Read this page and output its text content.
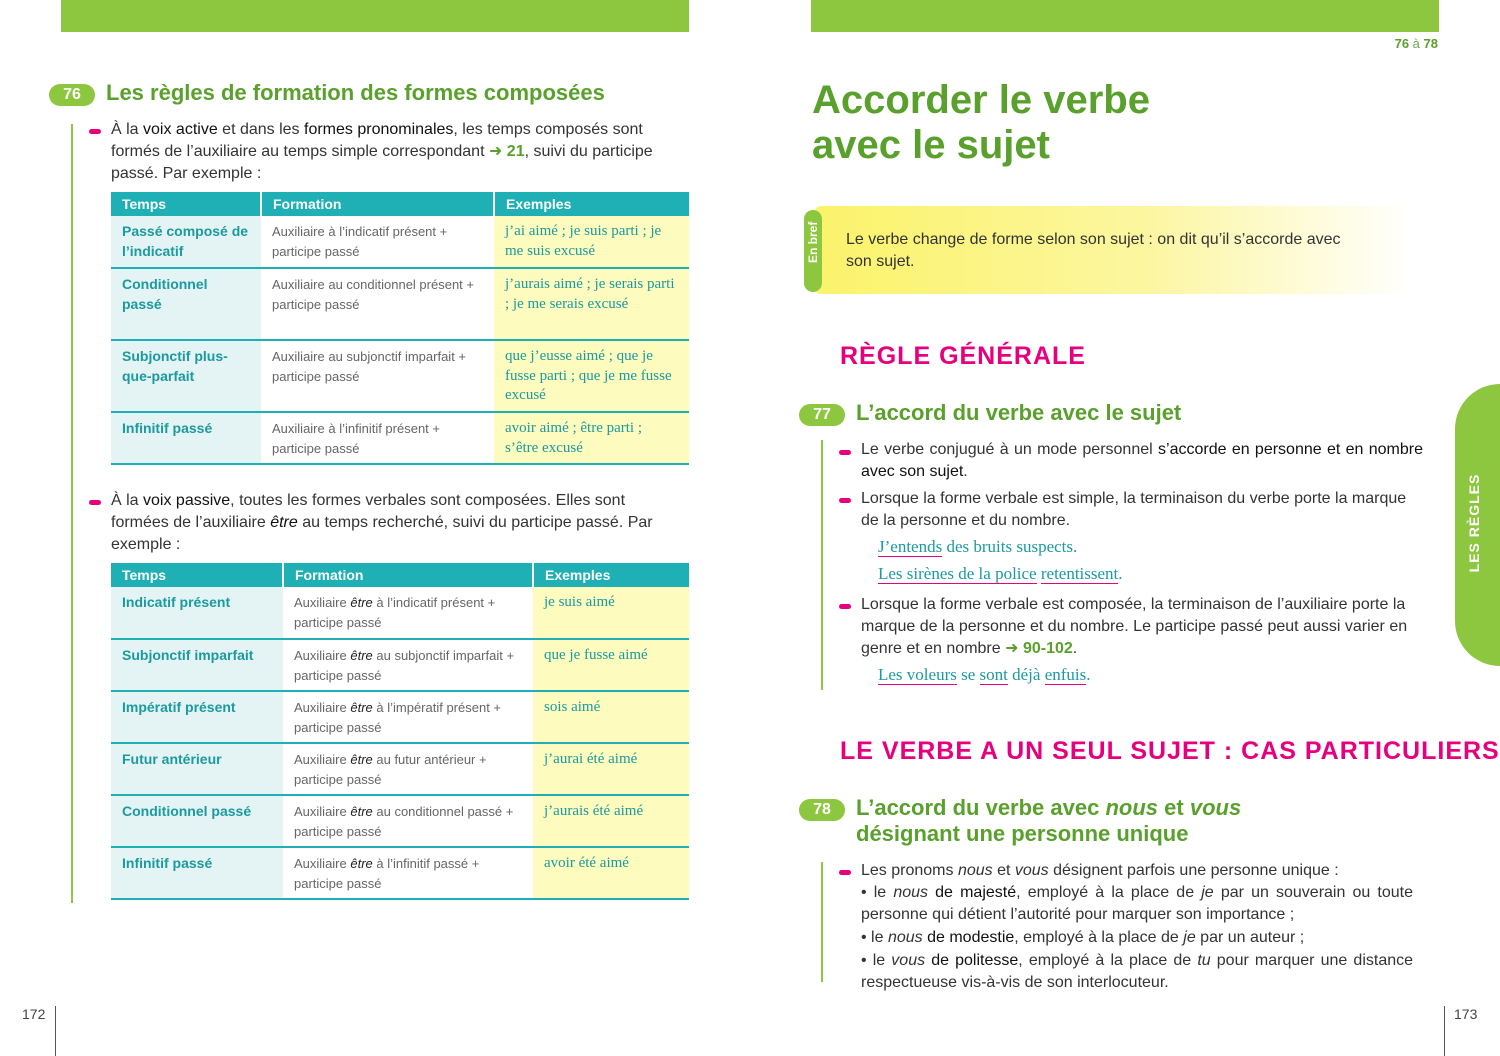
76	Les règles de formation des formes composées
À la voix active et dans les formes pronominales, les temps composés sont formés de l’auxiliaire au temps simple correspondant ➜ 21, suivi du participe passé. Par exemple :
Temps	Formation	Exemples
Passé composé de l’indicatif	Auxiliaire à l’indicatif présent + participe passé	j’ai aimé ; je suis parti ; je me suis excusé
Conditionnel passé	Auxiliaire au conditionnel présent + participe passé	j’aurais aimé ; je serais parti ; je me serais excusé
Subjonctif plus-que-parfait	Auxiliaire au subjonctif imparfait + participe passé	que j’eusse aimé ; que je fusse parti ; que je me fusse excusé
Infinitif passé	Auxiliaire à l’infinitif présent + participe passé	avoir aimé ; être parti ; s’être excusé
À la voix passive, toutes les formes verbales sont composées. Elles sont formées de l’auxiliaire être au temps recherché, suivi du participe passé. Par exemple :
Temps	Formation	Exemples
Indicatif présent	Auxiliaire être à l’indicatif présent + participe passé	je suis aimé
Subjonctif imparfait	Auxiliaire être au subjonctif imparfait + participe passé	que je fusse aimé
Impératif présent	Auxiliaire être à l’impératif présent + participe passé	sois aimé
Futur antérieur	Auxiliaire être au futur antérieur + participe passé	j’aurai été aimé
Conditionnel passé	Auxiliaire être au conditionnel passé + participe passé	j’aurais été aimé
Infinitif passé	Auxiliaire être à l’infinitif passé + participe passé	avoir été aimé
172
76 à 78
Accorder le verbe
avec le sujet
En bref Le verbe change de forme selon son sujet : on dit qu’il s’accorde avec son sujet.
RÈGLE GÉNÉRALE
77	L’accord du verbe avec le sujet
Le verbe conjugué à un mode personnel s’accorde en personne et en nombre avec son sujet.
Lorsque la forme verbale est simple, la terminaison du verbe porte la marque de la personne et du nombre.
J’entends des bruits suspects.
Les sirènes de la police retentissent.
Lorsque la forme verbale est composée, la terminaison de l’auxiliaire porte la marque de la personne et du nombre. Le participe passé peut aussi varier en genre et en nombre ➜ 90-102.
Les voleurs se sont déjà enfuis.
LE VERBE A UN SEUL SUJET : CAS PARTICULIERS
78	L’accord du verbe avec nous et vous
désignant une personne unique
Les pronoms nous et vous désignent parfois une personne unique :
• le nous de majesté, employé à la place de je par un souverain ou toute personne qui détient l’autorité pour marquer son importance ;
• le nous de modestie, employé à la place de je par un auteur ;
• le vous de politesse, employé à la place de tu pour marquer une distance respectueuse vis-à-vis de son interlocuteur.
LES RÈGLES
173
